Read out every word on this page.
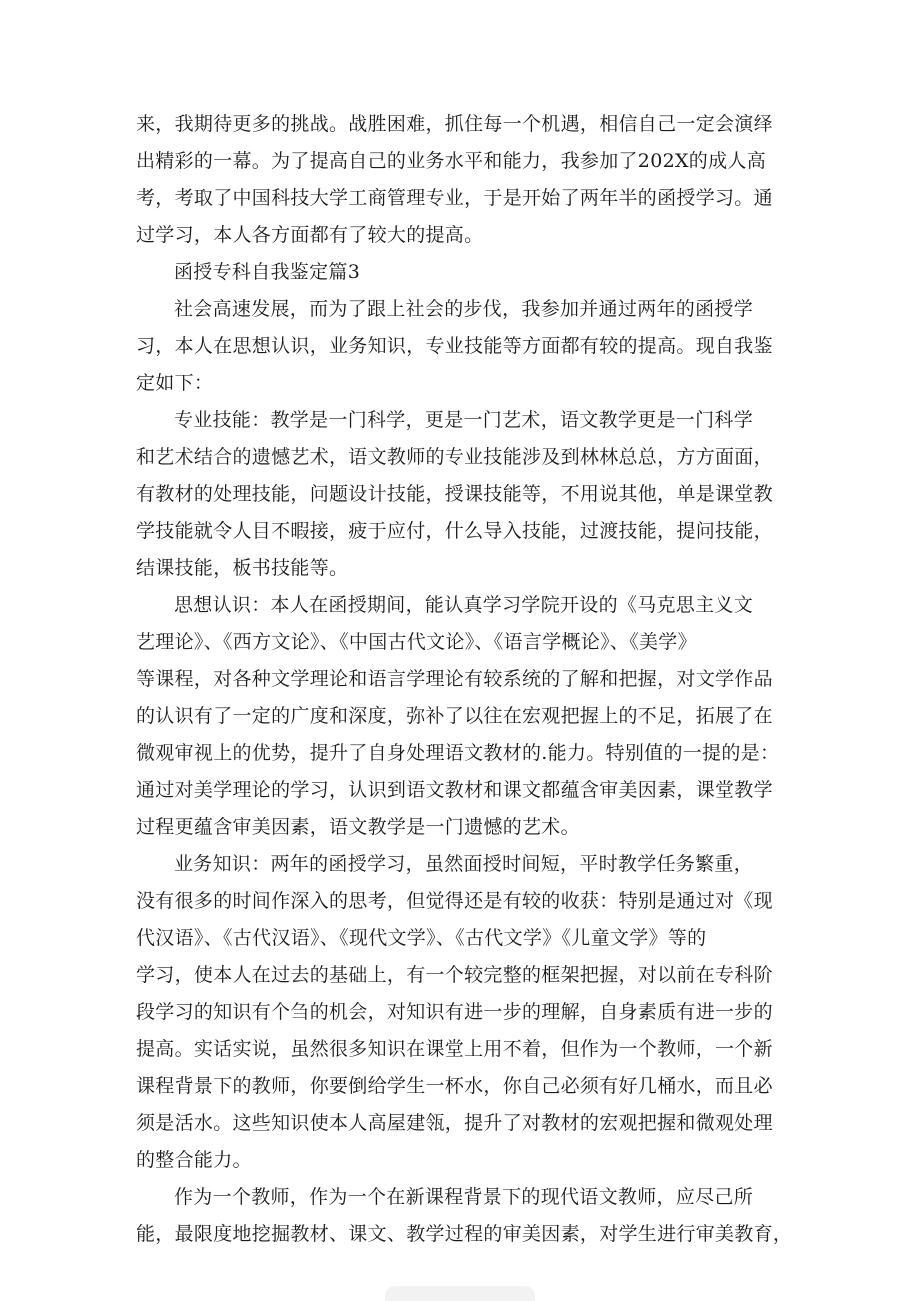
来，我期待更多的挑战。战胜困难，抓住每一个机遇，相信自己一定会演绎
出精彩的一幕。为了提高自己的业务水平和能力，我参加了202X的成人高
考，考取了中国科技大学工商管理专业，于是开始了两年半的函授学习。通
过学习，本人各方面都有了较大的提高。
函授专科自我鉴定篇3
社会高速发展，而为了跟上社会的步伐，我参加并通过两年的函授学
习，本人在思想认识，业务知识，专业技能等方面都有较的提高。现自我鉴
定如下：
专业技能：教学是一门科学，更是一门艺术，语文教学更是一门科学
和艺术结合的遗憾艺术，语文教师的专业技能涉及到林林总总，方方面面，
有教材的处理技能，问题设计技能，授课技能等，不用说其他，单是课堂教
学技能就令人目不暇接，疲于应付，什么导入技能，过渡技能，提问技能，
结课技能，板书技能等。
思想认识：本人在函授期间，能认真学习学院开设的《马克思主义文
艺理论》、《西方文论》、《中国古代文论》、《语言学概论》、《美学》
等课程，对各种文学理论和语言学理论有较系统的了解和把握，对文学作品
的认识有了一定的广度和深度，弥补了以往在宏观把握上的不足，拓展了在
微观审视上的优势，提升了自身处理语文教材的.能力。特别值的一提的是：
通过对美学理论的学习，认识到语文教材和课文都蕴含审美因素，课堂教学
过程更蕴含审美因素，语文教学是一门遗憾的艺术。
业务知识：两年的函授学习，虽然面授时间短，平时教学任务繁重，
没有很多的时间作深入的思考，但觉得还是有较的收获：特别是通过对《现
代汉语》、《古代汉语》、《现代文学》、《古代文学》《儿童文学》等的
学习，使本人在过去的基础上，有一个较完整的框架把握，对以前在专科阶
段学习的知识有个刍的机会，对知识有进一步的理解，自身素质有进一步的
提高。实话实说，虽然很多知识在课堂上用不着，但作为一个教师，一个新
课程背景下的教师，你要倒给学生一杯水，你自己必须有好几桶水，而且必
须是活水。这些知识使本人高屋建瓴，提升了对教材的宏观把握和微观处理
的整合能力。
作为一个教师，作为一个在新课程背景下的现代语文教师，应尽己所
能，最限度地挖掘教材、课文、教学过程的审美因素，对学生进行审美教育，
